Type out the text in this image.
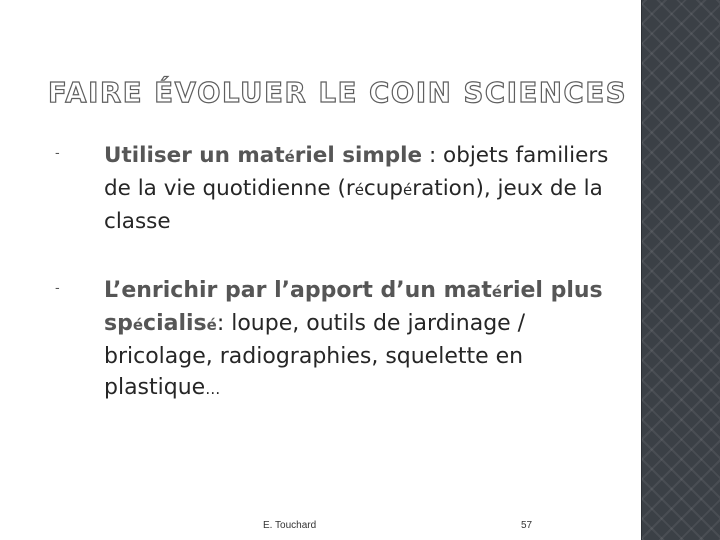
FAIRE ÉVOLUER LE COIN SCIENCES
- Utiliser un matériel simple : objets familiers de la vie quotidienne (récupération), jeux de la classe
- L’enrichir par l’apport d’un matériel plus spécialisé: loupe, outils de jardinage / bricolage, radiographies, squelette en plastique…
E. Touchard	57
